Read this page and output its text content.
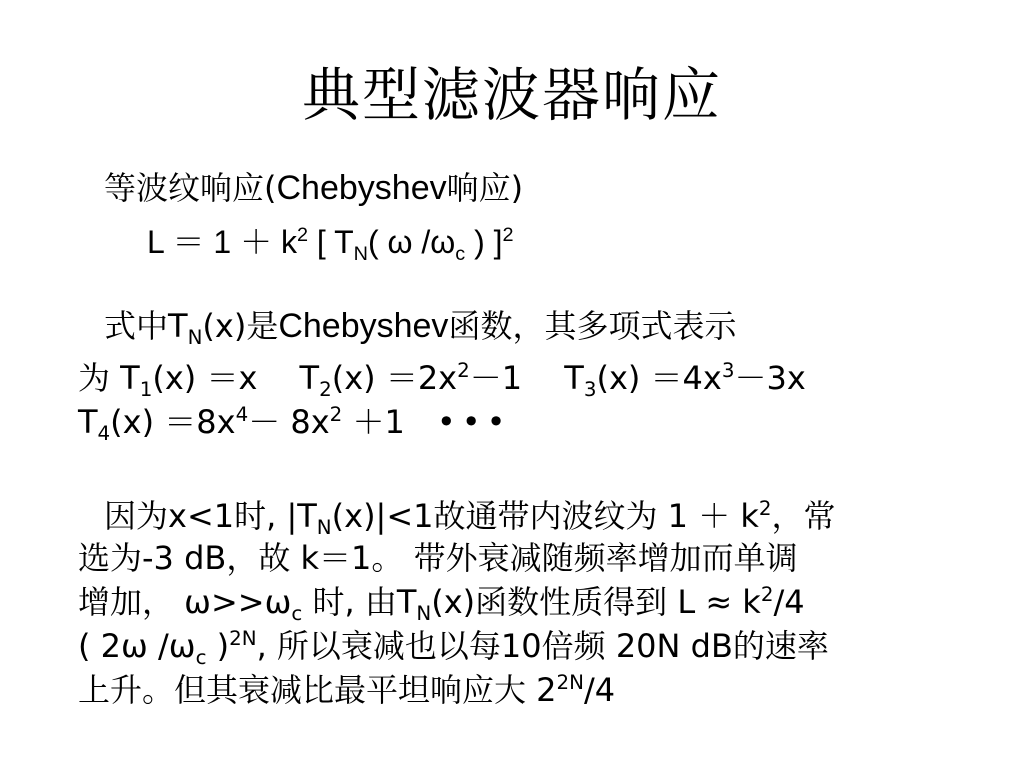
典型滤波器响应
等波纹响应(Chebyshev响应)
$L = 1 + k^2$ [ $T_N$( ω $/\omega_c$ ) ]$^2$
式中$T_N(x)$是Chebyshev函数，其多项式表示
为 $T_1(x) =x$　 $T_2(x) =2x^2-1$　 $T_3(x) =4x^3-3x$
$T_4(x) =8x^4- 8x^2 +1$　•••
因为x<1时, $|T_N(x)|<1$故通带内波纹为 $1 + k^2$，常
选为-3 dB，故 k＝1。 带外衰减随频率增加而单调
增加， $\omega>>\omega_c$ 时, 由$T_N(x)$函数性质得到 $L \approx k^2/4$
( 2ω $/\omega_c$ )$^{2N}$, 所以衰减也以每10倍频 20N dB的速率
上升。但其衰减比最平坦响应大 $2^{2N}/4$
